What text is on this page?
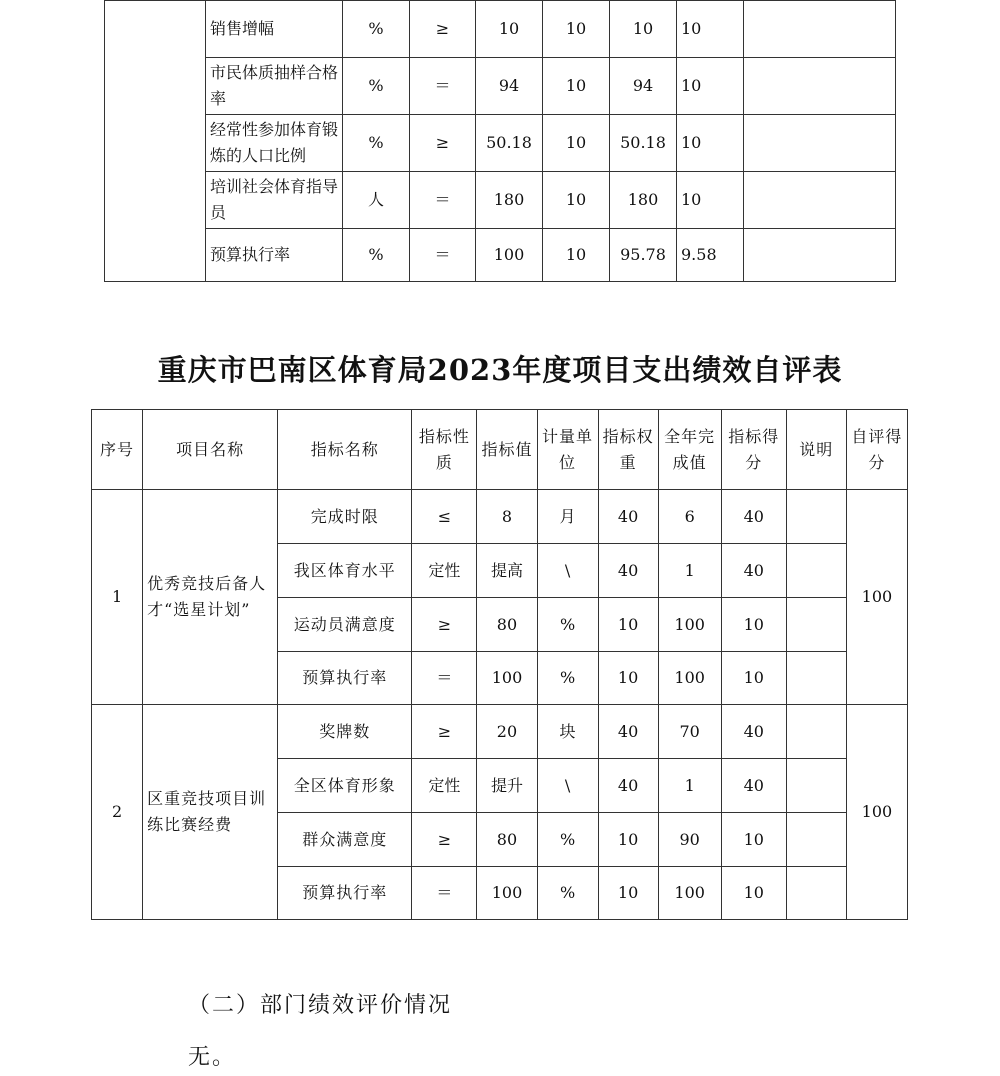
	销售增幅	%	≥	10	10	10	10	
	市民体质抽样合格率	%	＝	94	10	94	10	
	经常性参加体育锻炼的人口比例	%	≥	50.18	10	50.18	10	
	培训社会体育指导员	人	＝	180	10	180	10	
	预算执行率	%	＝	100	10	95.78	9.58	
重庆市巴南区体育局2023年度项目支出绩效自评表
序号	项目名称	指标名称	指标性质	指标值	计量单位	指标权重	全年完成值	指标得分	说明	自评得分
1	优秀竞技后备人才“选星计划”	完成时限	≤	8	月	40	6	40		100
		我区体育水平	定性	提高	\	40	1	40		
		运动员满意度	≥	80	%	10	100	10		
		预算执行率	＝	100	%	10	100	10		
2	区重竞技项目训练比赛经费	奖牌数	≥	20	块	40	70	40		100
		全区体育形象	定性	提升	\	40	1	40		
		群众满意度	≥	80	%	10	90	10		
		预算执行率	＝	100	%	10	100	10		
（二）部门绩效评价情况
无。
